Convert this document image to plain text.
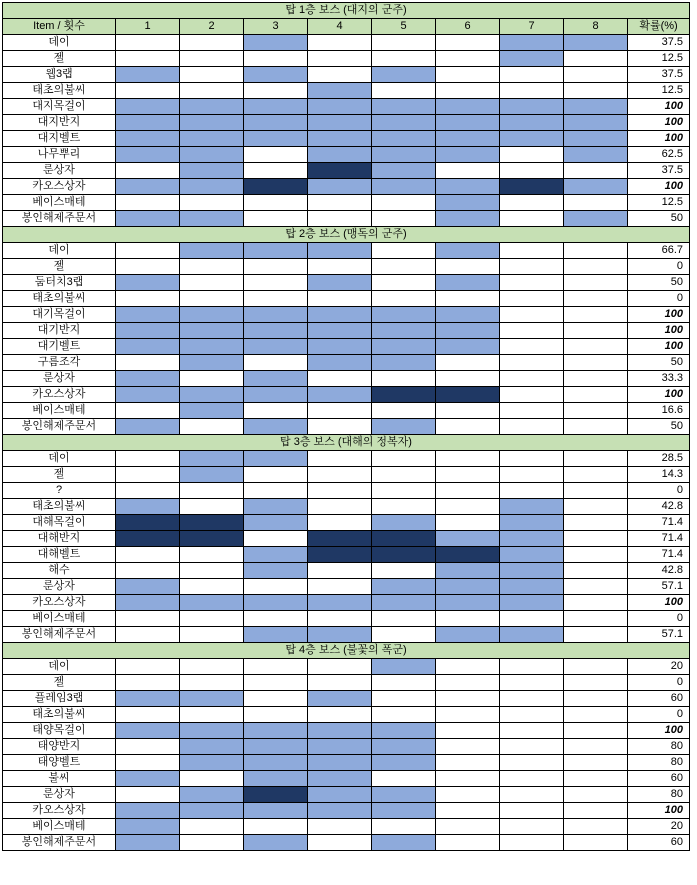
탑 1층 보스 (대지의 군주)									
Item / 횟수	1	2	3	4	5	6	7	8	확률(%)
데이									37.5
젤									12.5
웹3랩									37.5
태초의불씨									12.5
대지목걸이									100
대지반지									100
대지벨트									100
나무뿌리									62.5
룬상자									37.5
카오스상자									100
베이스매테									12.5
봉인해제주문서									50
탑 2층 보스 (맹독의 군주)									
데이									66.7
젤									0
둠터치3랩									50
태초의불씨									0
대기목걸이									100
대기반지									100
대기벨트									100
구름조각									50
룬상자									33.3
카오스상자									100
베이스매테									16.6
봉인해제주문서									50
탑 3층 보스 (대해의 정복자)									
데이									28.5
젤									14.3
?									0
태초의불씨									42.8
대해목걸이									71.4
대해반지									71.4
대해벨트									71.4
해수									42.8
룬상자									57.1
카오스상자									100
베이스매테									0
봉인해제주문서									57.1
탑 4층 보스 (불꽃의 폭군)									
데이									20
젤									0
플레임3랩									60
태초의불씨									0
태양목걸이									100
태양반지									80
태양벨트									80
불씨									60
룬상자									80
카오스상자									100
베이스매테									20
봉인해제주문서									60
